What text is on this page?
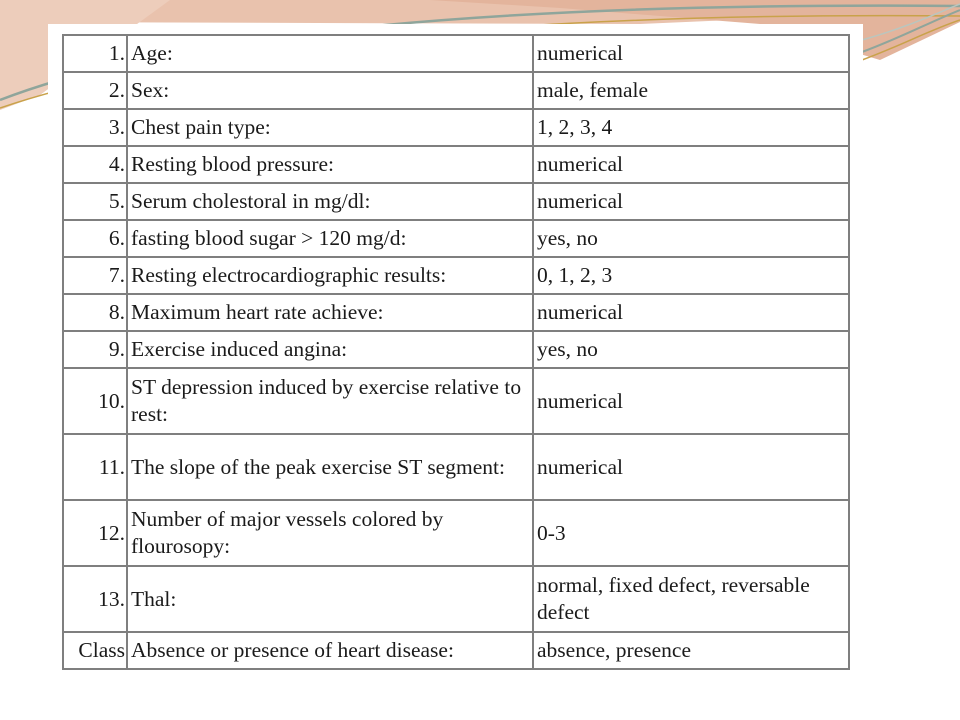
1.	Age:	numerical
2.	Sex:	male, female
3.	Chest pain type:	1, 2, 3, 4
4.	Resting blood pressure:	numerical
5.	Serum cholestoral in mg/dl:	numerical
6.	fasting blood sugar > 120 mg/d:	yes, no
7.	Resting electrocardiographic results:	0, 1, 2, 3
8.	Maximum heart rate achieve:	numerical
9.	Exercise induced angina:	yes, no
10.	ST depression induced by exercise relative to rest:	numerical
11.	The slope of the peak exercise ST segment:	numerical
12.	Number of major vessels colored by flourosopy:	0-3
13.	Thal:	normal, fixed defect, reversable defect
Class	Absence or presence of heart disease:	absence, presence
